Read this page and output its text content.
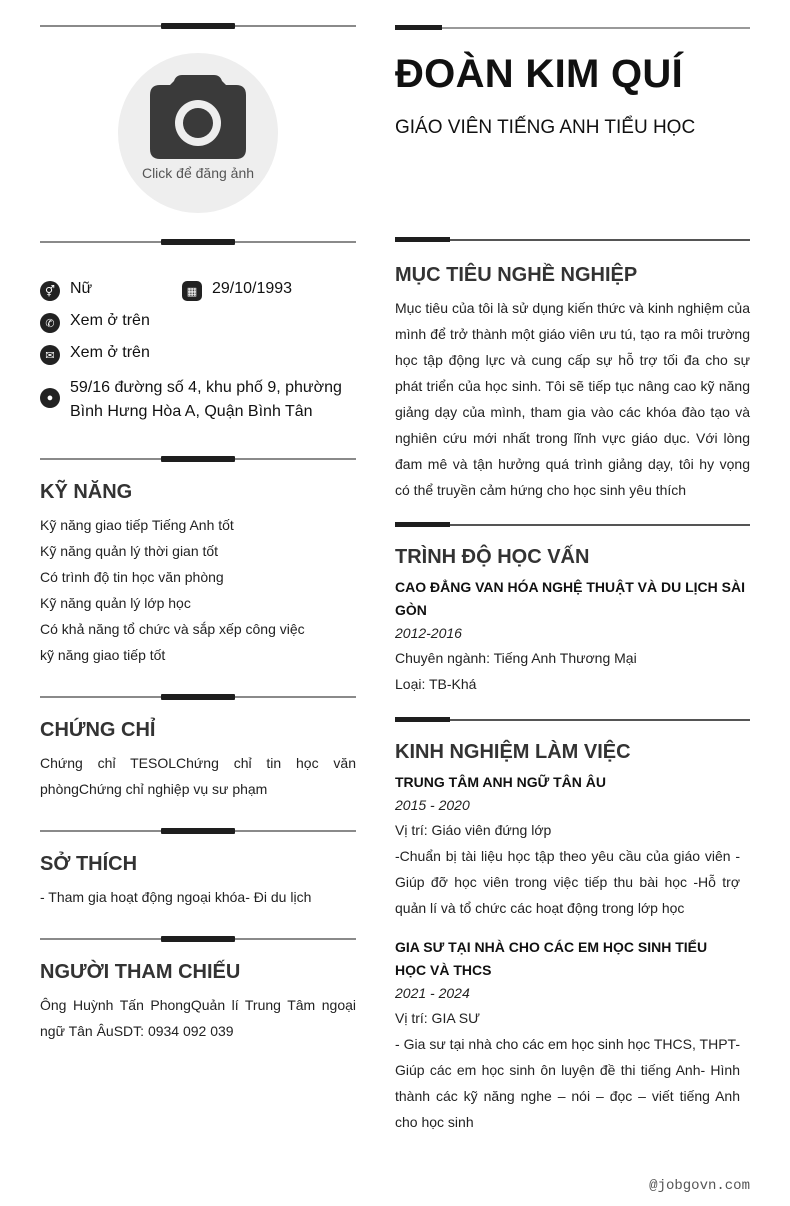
Click để đăng ảnh
⚥ Nữ	▦ 29/10/1993
✆ Xem ở trên
✉ Xem ở trên
●
59/16 đường số 4, khu phố 9, phường Bình Hưng Hòa A, Quận Bình Tân
KỸ NĂNG
Kỹ năng giao tiếp Tiếng Anh tốt
Kỹ năng quản lý thời gian tốt
Có trình độ tin học văn phòng
Kỹ năng quản lý lớp học
Có khả năng tổ chức và sắp xếp công việc
kỹ năng giao tiếp tốt
CHỨNG CHỈ
Chứng chỉ TESOLChứng chỉ tin học văn phòngChứng chỉ nghiệp vụ sư phạm
SỞ THÍCH
- Tham gia hoạt động ngoại khóa- Đi du lịch
NGƯỜI THAM CHIẾU
Ông Huỳnh Tấn PhongQuản lí Trung Tâm ngoại ngữ Tân ÂuSDT: 0934 092 039
ĐOÀN KIM QUÍ
GIÁO VIÊN TIẾNG ANH TIỂU HỌC
MỤC TIÊU NGHỀ NGHIỆP
Mục tiêu của tôi là sử dụng kiến thức và kinh nghiệm của mình để trở thành một giáo viên ưu tú, tạo ra môi trường học tập động lực và cung cấp sự hỗ trợ tối đa cho sự phát triển của học sinh. Tôi sẽ tiếp tục nâng cao kỹ năng giảng dạy của mình, tham gia vào các khóa đào tạo và nghiên cứu mới nhất trong lĩnh vực giáo dục. Với lòng đam mê và tận hưởng quá trình giảng dạy, tôi hy vọng có thể truyền cảm hứng cho học sinh yêu thích
TRÌNH ĐỘ HỌC VẤN
CAO ĐẲNG VAN HÓA NGHỆ THUẬT VÀ DU LỊCH SÀI GÒN
2012-2016
Chuyên ngành: Tiếng Anh Thương Mại
Loại: TB-Khá
KINH NGHIỆM LÀM VIỆC
TRUNG TÂM ANH NGỮ TÂN ÂU
2015 - 2020
Vị trí: Giáo viên đứng lớp
-Chuẩn bị tài liệu học tập theo yêu cầu của giáo viên -Giúp đỡ học viên trong việc tiếp thu bài học -Hỗ trợ quản lí và tổ chức các hoạt động trong lớp học
GIA SƯ TẠI NHÀ CHO CÁC EM HỌC SINH TIỂU HỌC VÀ THCS
2021 - 2024
Vị trí: GIA SƯ
- Gia sư tại nhà cho các em học sinh học THCS, THPT- Giúp các em học sinh ôn luyện đề thi tiếng Anh- Hình thành các kỹ năng nghe – nói – đọc – viết tiếng Anh cho học sinh
@jobgovn.com
